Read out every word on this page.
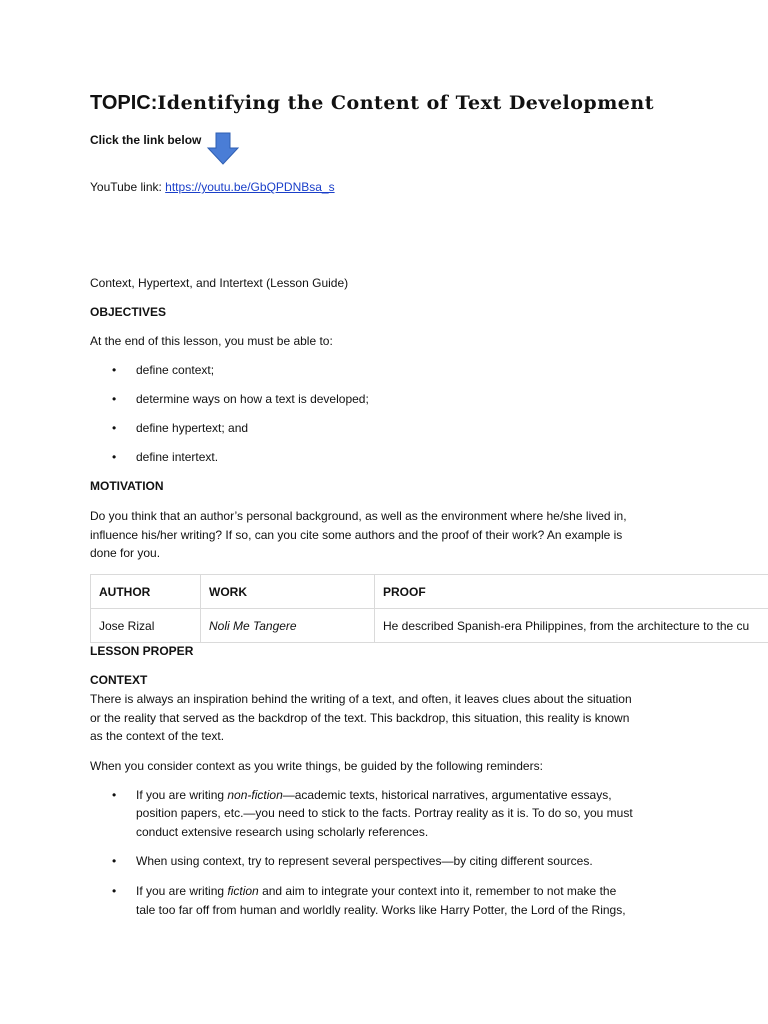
TOPIC:Identifying the Content of Text Development
Click the link below
YouTube link: https://youtu.be/GbQPDNBsa_s
Context, Hypertext, and Intertext (Lesson Guide)
OBJECTIVES
At the end of this lesson, you must be able to:
• define context;
• determine ways on how a text is developed;
• define hypertext; and
• define intertext.
MOTIVATION
Do you think that an author’s personal background, as well as the environment where he/she lived in,
influence his/her writing? If so, can you cite some authors and the proof of their work? An example is
done for you.
AUTHOR	WORK	PROOF
Jose Rizal	Noli Me Tangere	He described Spanish-era Philippines, from the architecture to the cu
LESSON PROPER
CONTEXT
There is always an inspiration behind the writing of a text, and often, it leaves clues about the situation
or the reality that served as the backdrop of the text. This backdrop, this situation, this reality is known
as the context of the text.
When you consider context as you write things, be guided by the following reminders:
• If you are writing non-fiction—academic texts, historical narratives, argumentative essays,
position papers, etc.—you need to stick to the facts. Portray reality as it is. To do so, you must
conduct extensive research using scholarly references.
• When using context, try to represent several perspectives—by citing different sources.
• If you are writing fiction and aim to integrate your context into it, remember to not make the
tale too far off from human and worldly reality. Works like Harry Potter, the Lord of the Rings,
